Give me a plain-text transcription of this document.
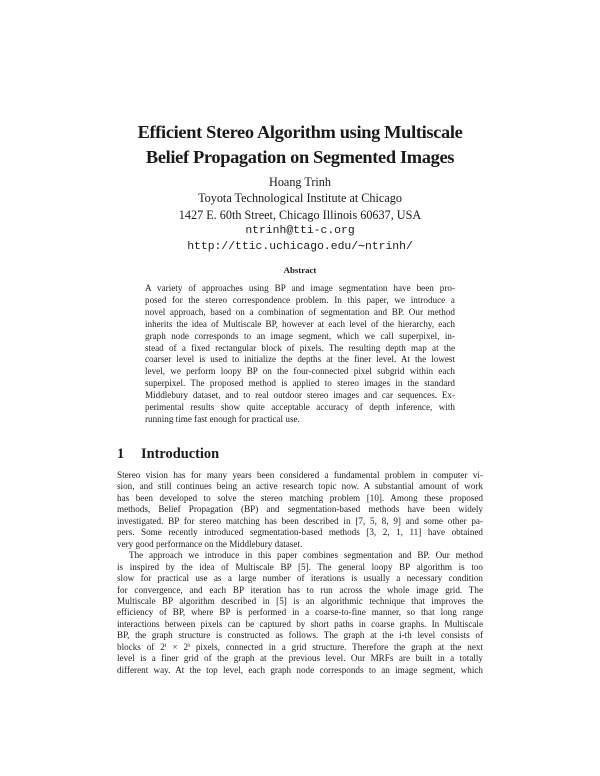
Efficient Stereo Algorithm using Multiscale
Belief Propagation on Segmented Images
Hoang Trinh
Toyota Technological Institute at Chicago
1427 E. 60th Street, Chicago Illinois 60637, USA
ntrinh@tti-c.org
http://ttic.uchicago.edu/∼ntrinh/
Abstract
A variety of approaches using BP and image segmentation have been pro-
posed for the stereo correspondence problem. In this paper, we introduce a
novel approach, based on a combination of segmentation and BP. Our method
inherits the idea of Multiscale BP, however at each level of the hierarchy, each
graph node corresponds to an image segment, which we call superpixel, in-
stead of a fixed rectangular block of pixels. The resulting depth map at the
coarser level is used to initialize the depths at the finer level. At the lowest
level, we perform loopy BP on the four-connected pixel subgrid within each
superpixel. The proposed method is applied to stereo images in the standard
Middlebury dataset, and to real outdoor stereo images and car sequences. Ex-
perimental results show quite acceptable accuracy of depth inference, with
running time fast enough for practical use.
1 Introduction
Stereo vision has for many years been considered a fundamental problem in computer vi-
sion, and still continues being an active research topic now. A substantial amount of work
has been developed to solve the stereo matching problem [10]. Among these proposed
methods, Belief Propagation (BP) and segmentation-based methods have been widely
investigated. BP for stereo matching has been described in [7, 5, 8, 9] and some other pa-
pers. Some recently introduced segmentation-based methods [3, 2, 1, 11] have obtained
very good performance on the Middlebury dataset.
The approach we introduce in this paper combines segmentation and BP. Our method
is inspired by the idea of Multiscale BP [5]. The general loopy BP algorithm is too
slow for practical use as a large number of iterations is usually a necessary condition
for convergence, and each BP iteration has to run across the whole image grid. The
Multiscale BP algorithm described in [5] is an algorithmic technique that improves the
efficiency of BP, where BP is performed in a coarse-to-fine manner, so that long range
interactions between pixels can be captured by short paths in coarse graphs. In Multiscale
BP, the graph structure is constructed as follows. The graph at the i-th level consists of
blocks of 2ⁱ × 2ⁱ pixels, connected in a grid structure. Therefore the graph at the next
level is a finer grid of the graph at the previous level. Our MRFs are built in a totally
different way. At the top level, each graph node corresponds to an image segment, which
